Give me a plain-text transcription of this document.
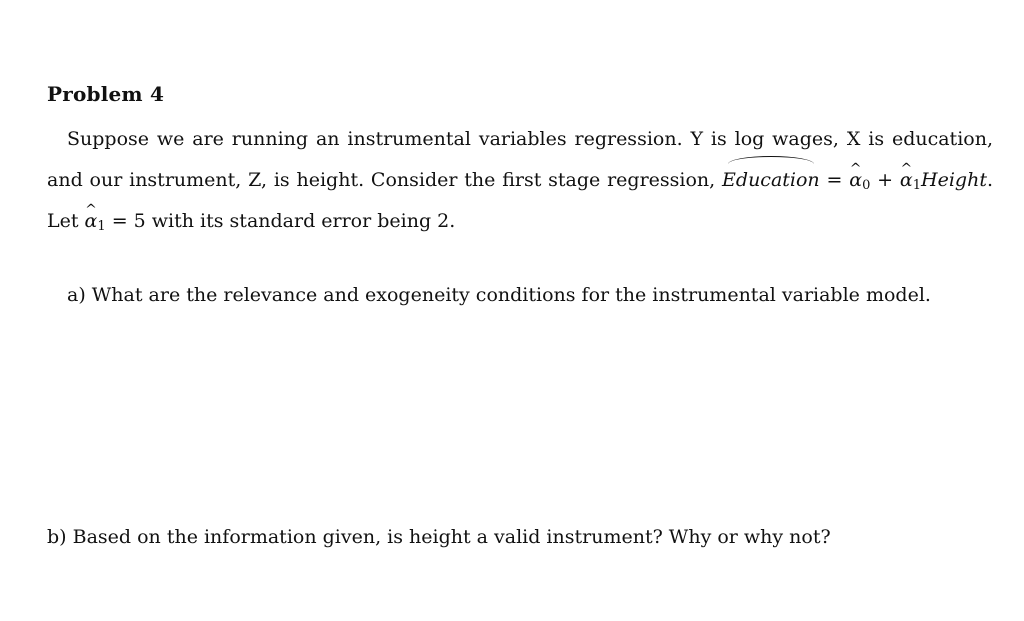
Problem 4
Suppose we are running an instrumental variables regression. Y is log wages, X is education, and our instrument, Z, is height. Consider the first stage regression, Education = ^ $\alpha_0$ + ^ $\alpha_1Height$. Let ^ $\alpha_1 = 5$ with its standard error being 2.
a) What are the relevance and exogeneity conditions for the instrumental variable model.
b) Based on the information given, is height a valid instrument? Why or why not?
